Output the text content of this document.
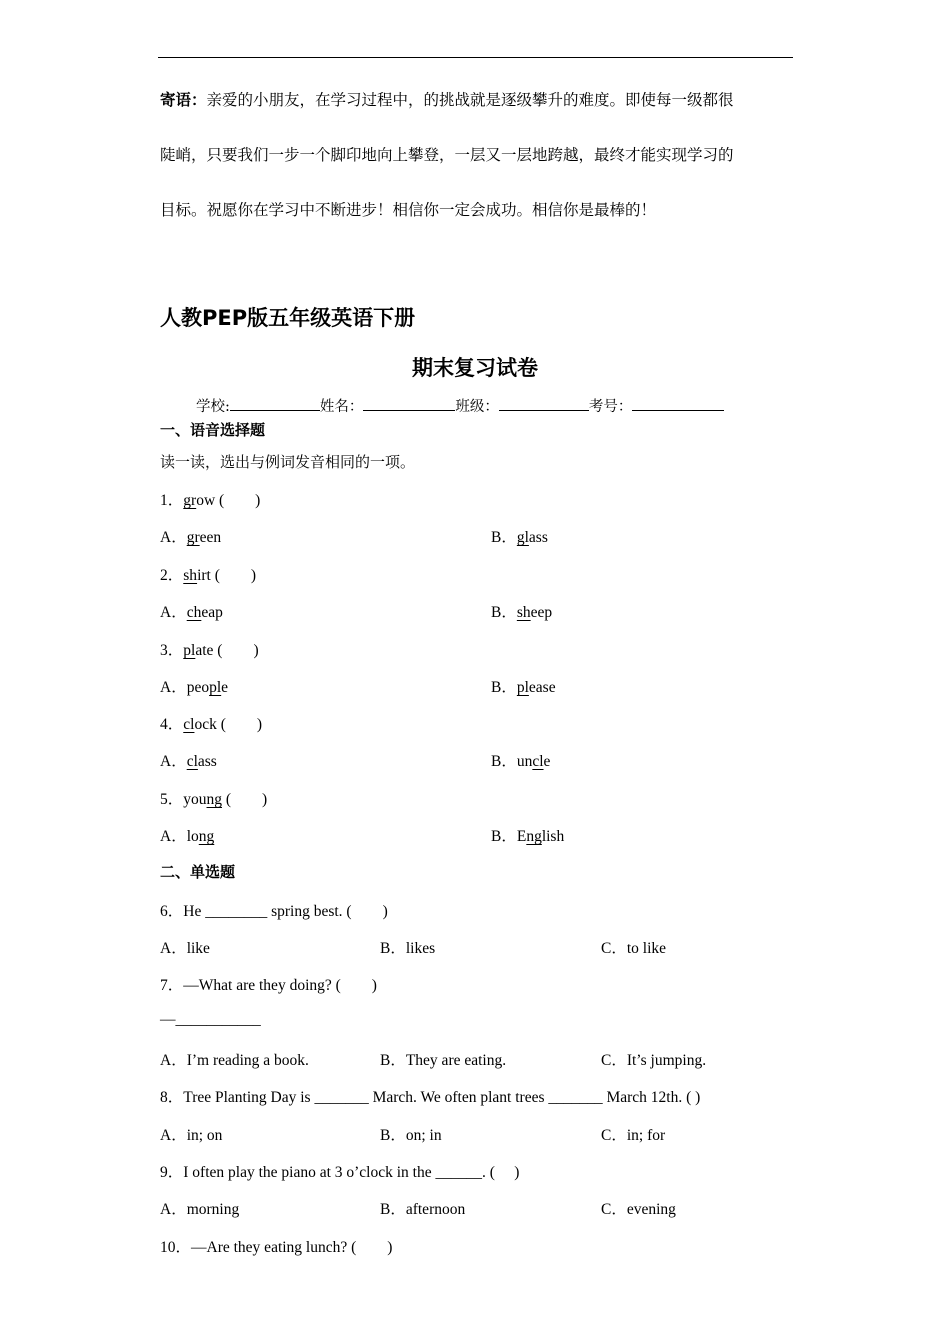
寄语：亲爱的小朋友，在学习过程中，的挑战就是逐级攀升的难度。即使每一级都很
陡峭，只要我们一步一个脚印地向上攀登，一层又一层地跨越，最终才能实现学习的
目标。祝愿你在学习中不断进步！相信你一定会成功。相信你是最棒的！
人教PEP版五年级英语下册
期末复习试卷
学校:	姓名：	班级：	考号：
一、语音选择题
读一读，选出与例词发音相同的一项。
1．grow (　　)
A．green	B．glass
2．shirt (　　)
A．cheap	B．sheep
3．plate (　　)
A．people	B．please
4．clock (　　)
A．class	B．uncle
5．young (　　)
A．long	B．English
二、单选题
6．He ________ spring best. (　　)
A．like	B．likes	C．to like
7．—What are they doing? (　　)
—___________
A．I’m reading a book.	B．They are eating.	C．It’s jumping.
8．Tree Planting Day is _______ March. We often plant trees _______ March 12th. ( )
A．in; on	B．on; in	C．in; for
9．I often play the piano at 3 o’clock in the ______. (　 )
A．morning	B．afternoon	C．evening
10．—Are they eating lunch? (　　)
